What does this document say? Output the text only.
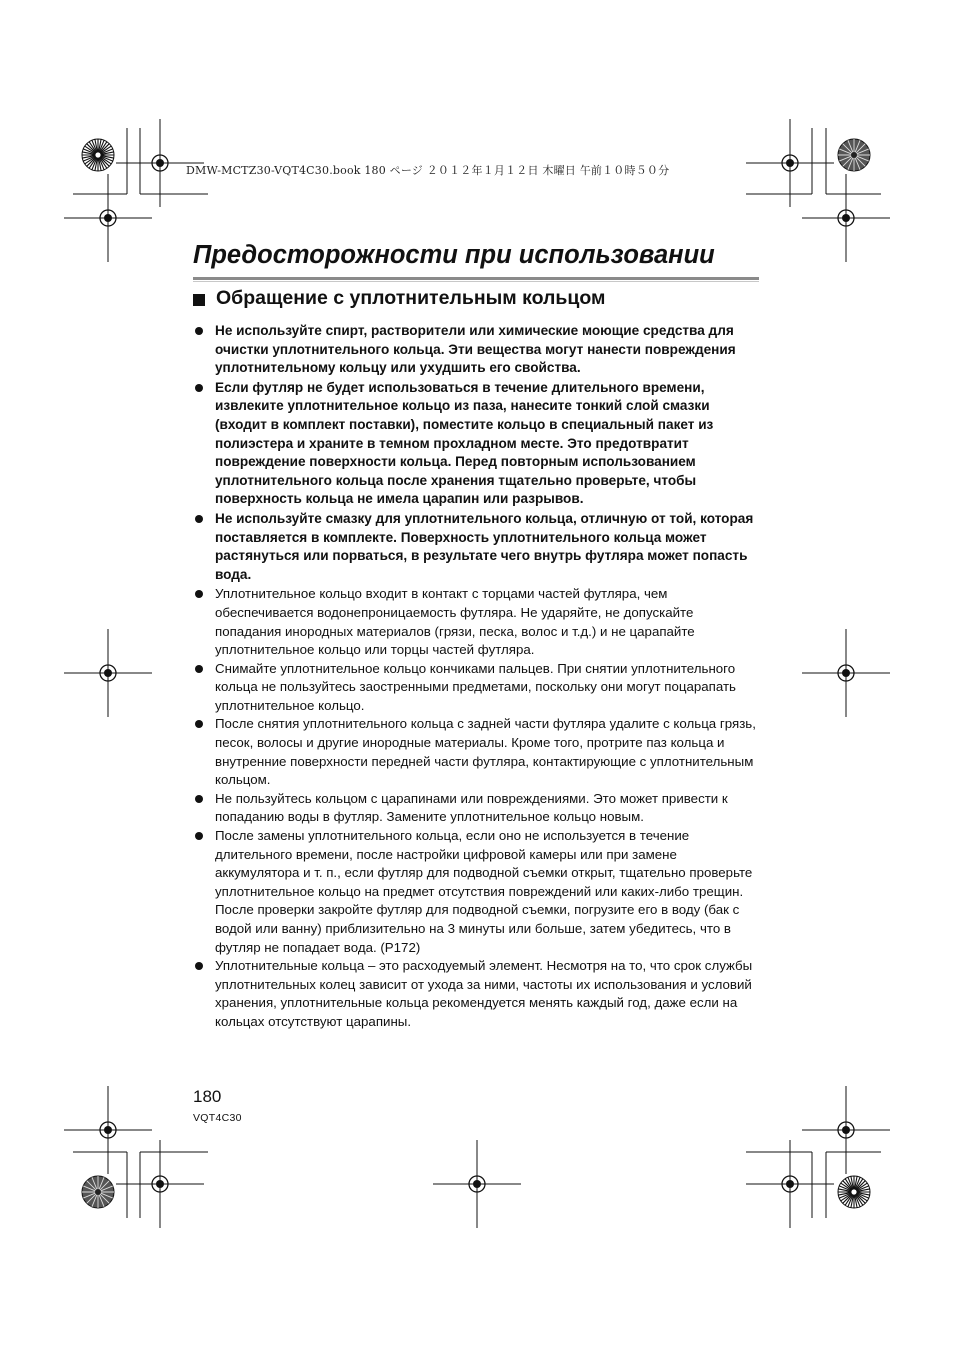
DMW-MCTZ30-VQT4C30.book 180 ページ ２０１２年１月１２日 木曜日 午前１０時５０分
Предосторожности при использовании
Обращение с уплотнительным кольцом

Не используйте спирт, растворители или химические моющие средства для очистки уплотнительного кольца. Эти вещества могут нанести повреждения уплотнительному кольцу или ухудшить его свойства.

Если футляр не будет использоваться в течение длительного времени, извлеките уплотнительное кольцо из паза, нанесите тонкий слой смазки (входит в комплект поставки), поместите кольцо в специальный пакет из полиэстера и храните в темном прохладном месте. Это предотвратит повреждение поверхности кольца. Перед повторным использованием уплотнительного кольца после хранения тщательно проверьте, чтобы поверхность кольца не имела царапин или разрывов.

Не используйте смазку для уплотнительного кольца, отличную от той, которая поставляется в комплекте. Поверхность уплотнительного кольца может растянуться или порваться, в результате чего внутрь футляра может попасть вода.

Уплотнительное кольцо входит в контакт с торцами частей футляра, чем обеспечивается водонепроницаемость футляра. Не ударяйте, не допускайте попадания инородных материалов (грязи, песка, волос и т.д.) и не царапайте уплотнительное кольцо или торцы частей футляра.

Снимайте уплотнительное кольцо кончиками пальцев. При снятии уплотнительного кольца не пользуйтесь заостренными предметами, поскольку они могут поцарапать уплотнительное кольцо.

После снятия уплотнительного кольца с задней части футляра удалите с кольца грязь, песок, волосы и другие инородные материалы. Кроме того, протрите паз кольца и внутренние поверхности передней части футляра, контактирующие с уплотнительным кольцом.

Не пользуйтесь кольцом с царапинами или повреждениями. Это может привести к попаданию воды в футляр. Замените уплотнительное кольцо новым.

После замены уплотнительного кольца, если оно не используется в течение длительного времени, после настройки цифровой камеры или при замене аккумулятора и т. п., если футляр для подводной съемки открыт, тщательно проверьте уплотнительное кольцо на предмет отсутствия повреждений или каких-либо трещин.

После проверки закройте футляр для подводной съемки, погрузите его в воду (бак с водой или ванну) приблизительно на 3 минуты или больше, затем убедитесь, что в футляр не попадает вода. (P172)

Уплотнительные кольца – это расходуемый элемент. Несмотря на то, что срок службы уплотнительных колец зависит от ухода за ними, частоты их использования и условий хранения, уплотнительные кольца рекомендуется менять каждый год, даже если на кольцах отсутствуют царапины.

180
VQT4C30
